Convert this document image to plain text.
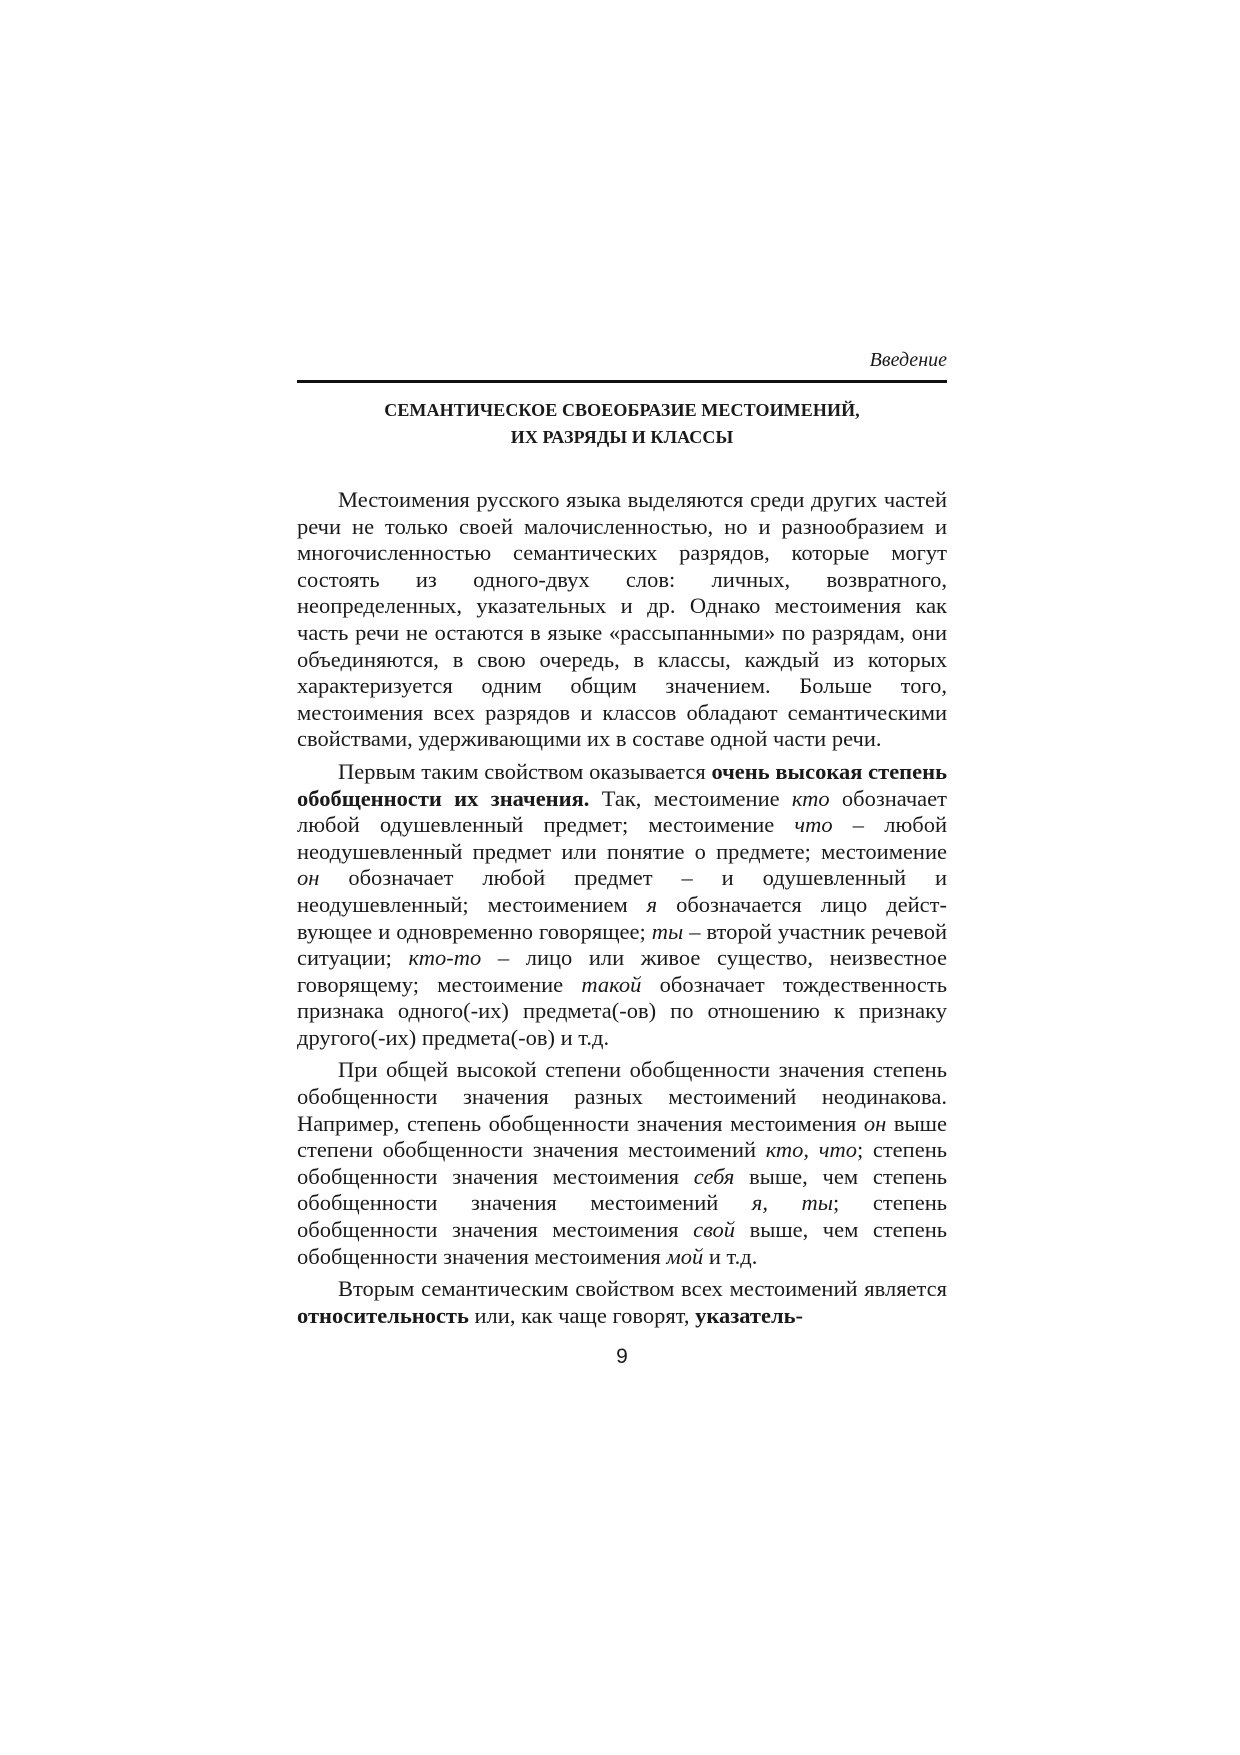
Введение
СЕМАНТИЧЕСКОЕ СВОЕОБРАЗИЕ МЕСТОИМЕНИЙ,
ИХ РАЗРЯДЫ И КЛАССЫ

Местоимения русского языка выделяются среди других частей речи не только своей малочисленностью, но и разнообразием и многочисленностью семантических разрядов, которые могут состоять из одного-двух слов: личных, возвратного, неопределенных, указательных и др. Однако местоимения как часть речи не остаются в языке «рассыпанными» по разрядам, они объединяются, в свою очередь, в классы, каждый из которых характеризуется одним общим значением. Больше того, местоимения всех разрядов и классов обладают семантическими свойствами, удерживающими их в составе одной части речи.

Первым таким свойством оказывается очень высокая степень обобщенности их значения. Так, местоимение кто обозначает любой одушевленный предмет; местоимение что – любой неодушевленный предмет или понятие о предмете; местоимение он обозначает любой предмет – и одушевленный и неодушевленный; местоимением я обозначается лицо действующее и одновременно говорящее; ты – второй участник речевой ситуации; кто-то – лицо или живое существо, неизвестное говорящему; местоимение такой обозначает тождественность признака одного(-их) предмета(-ов) по отношению к признаку другого(-их) предмета(-ов) и т.д.

При общей высокой степени обобщенности значения степень обобщенности значения разных местоимений неодинакова. Например, степень обобщенности значения местоимения он выше степени обобщенности значения местоимений кто, что; степень обобщенности значения местоимения себя выше, чем степень обобщенности значения местоимений я, ты; степень обобщенности значения местоимения свой выше, чем степень обобщенности значения местоимения мой и т.д.

Вторым семантическим свойством всех местоимений является относительность или, как чаще говорят, указатель-

9
